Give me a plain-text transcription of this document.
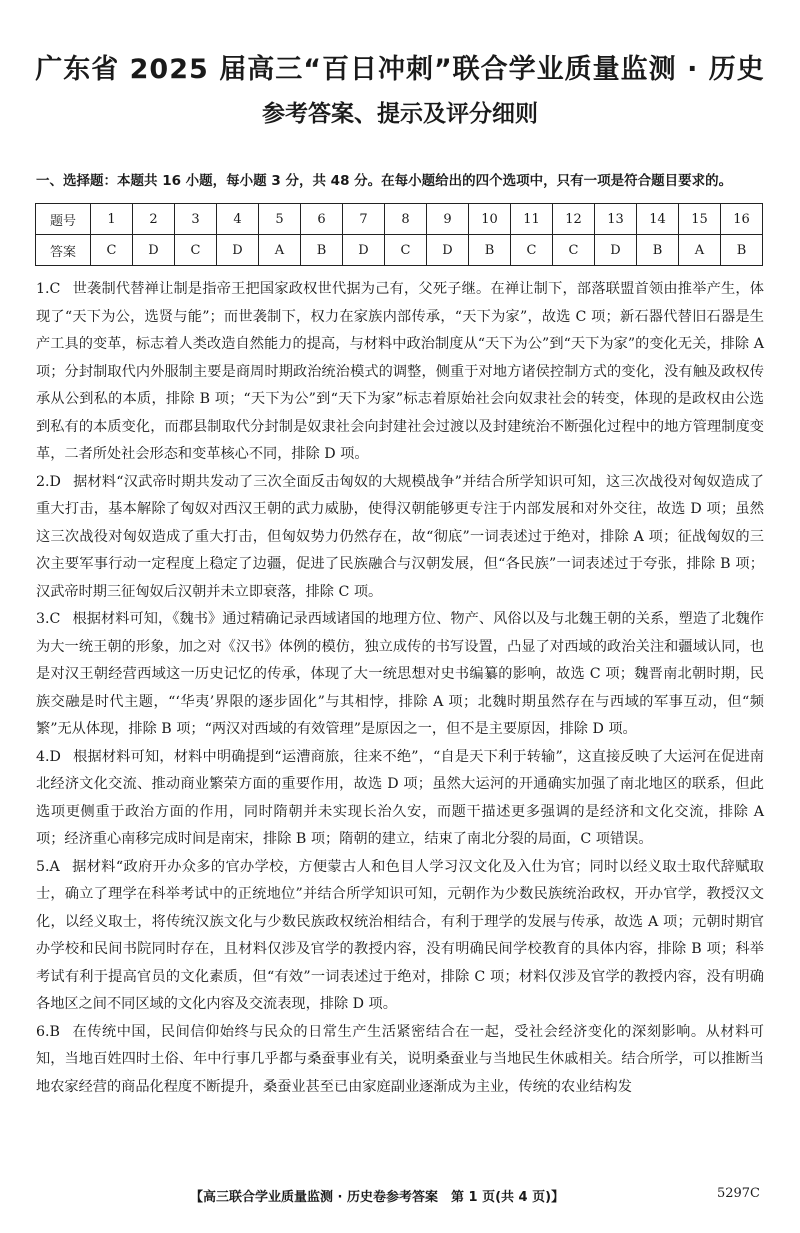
广东省 2025 届高三“百日冲刺”联合学业质量监测 · 历史
参考答案、提示及评分细则
一、选择题：本题共 16 小题，每小题 3 分，共 48 分。在每小题给出的四个选项中，只有一项是符合题目要求的。
题号	1	2	3	4	5	6	7	8	9	10	11	12	13	14	15	16
答案	C	D	C	D	A	B	D	C	D	B	C	C	D	B	A	B

1.C 世袭制代替禅让制是指帝王把国家政权世代据为己有，父死子继。在禅让制下，部落联盟首领由推举产生，体现了“天下为公，选贤与能”；而世袭制下，权力在家族内部传承，“天下为家”，故选 C 项；新石器代替旧石器是生产工具的变革，标志着人类改造自然能力的提高，与材料中政治制度从“天下为公”到“天下为家”的变化无关，排除 A 项；分封制取代内外服制主要是商周时期政治统治模式的调整，侧重于对地方诸侯控制方式的变化，没有触及政权传承从公到私的本质，排除 B 项；“天下为公”到“天下为家”标志着原始社会向奴隶社会的转变，体现的是政权由公选到私有的本质变化，而郡县制取代分封制是奴隶社会向封建社会过渡以及封建统治不断强化过程中的地方管理制度变革，二者所处社会形态和变革核心不同，排除 D 项。

2.D 据材料“汉武帝时期共发动了三次全面反击匈奴的大规模战争”并结合所学知识可知，这三次战役对匈奴造成了重大打击，基本解除了匈奴对西汉王朝的武力威胁，使得汉朝能够更专注于内部发展和对外交往，故选 D 项；虽然这三次战役对匈奴造成了重大打击，但匈奴势力仍然存在，故“彻底”一词表述过于绝对，排除 A 项；征战匈奴的三次主要军事行动一定程度上稳定了边疆，促进了民族融合与汉朝发展，但“各民族”一词表述过于夸张，排除 B 项；汉武帝时期三征匈奴后汉朝并未立即衰落，排除 C 项。

3.C 根据材料可知，《魏书》通过精确记录西域诸国的地理方位、物产、风俗以及与北魏王朝的关系，塑造了北魏作为大一统王朝的形象，加之对《汉书》体例的模仿，独立成传的书写设置，凸显了对西域的政治关注和疆域认同，也是对汉王朝经营西域这一历史记忆的传承，体现了大一统思想对史书编纂的影响，故选 C 项；魏晋南北朝时期，民族交融是时代主题，“‘华夷’界限的逐步固化”与其相悖，排除 A 项；北魏时期虽然存在与西域的军事互动，但“频繁”无从体现，排除 B 项；“两汉对西域的有效管理”是原因之一，但不是主要原因，排除 D 项。

4.D 根据材料可知，材料中明确提到“运漕商旅，往来不绝”，“自是天下利于转输”，这直接反映了大运河在促进南北经济文化交流、推动商业繁荣方面的重要作用，故选 D 项；虽然大运河的开通确实加强了南北地区的联系，但此选项更侧重于政治方面的作用，同时隋朝并未实现长治久安，而题干描述更多强调的是经济和文化交流，排除 A 项；经济重心南移完成时间是南宋，排除 B 项；隋朝的建立，结束了南北分裂的局面，C 项错误。

5.A 据材料“政府开办众多的官办学校，方便蒙古人和色目人学习汉文化及入仕为官；同时以经义取士取代辞赋取士，确立了理学在科举考试中的正统地位”并结合所学知识可知，元朝作为少数民族统治政权，开办官学，教授汉文化，以经义取士，将传统汉族文化与少数民族政权统治相结合，有利于理学的发展与传承，故选 A 项；元朝时期官办学校和民间书院同时存在，且材料仅涉及官学的教授内容，没有明确民间学校教育的具体内容，排除 B 项；科举考试有利于提高官员的文化素质，但“有效”一词表述过于绝对，排除 C 项；材料仅涉及官学的教授内容，没有明确各地区之间不同区域的文化内容及交流表现，排除 D 项。

6.B 在传统中国，民间信仰始终与民众的日常生产生活紧密结合在一起，受社会经济变化的深刻影响。从材料可知，当地百姓四时土俗、年中行事几乎都与桑蚕事业有关，说明桑蚕业与当地民生休戚相关。结合所学，可以推断当地农家经营的商品化程度不断提升，桑蚕业甚至已由家庭副业逐渐成为主业，传统的农业结构发

【高三联合学业质量监测 · 历史卷参考答案　第 1 页(共 4 页)】	5297C
